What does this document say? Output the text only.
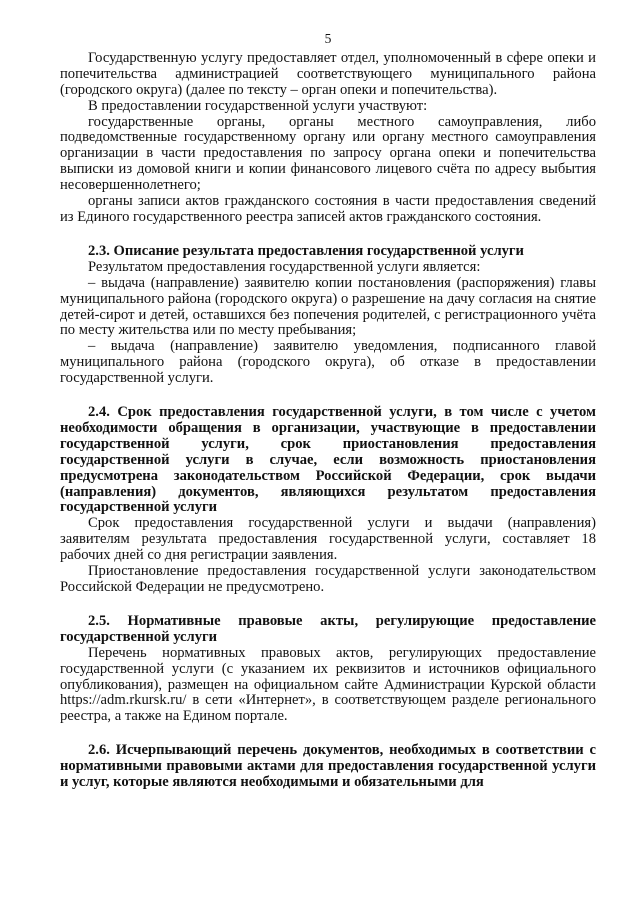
5

Государственную услугу предоставляет отдел, уполномоченный в сфере опеки и попечительства администрацией соответствующего муниципального района (городского округа) (далее по тексту – орган опеки и попечительства).

В предоставлении государственной услуги участвуют:

государственные органы, органы местного самоуправления, либо подведомственные государственному органу или органу местного самоуправления организации в части предоставления по запросу органа опеки и попечительства выписки из домовой книги и копии финансового лицевого счёта по адресу выбытия несовершеннолетнего;

органы записи актов гражданского состояния в части предоставления сведений из Единого государственного реестра записей актов гражданского состояния.

2.3. Описание результата предоставления государственной услуги

Результатом предоставления государственной услуги является:

– выдача (направление) заявителю копии постановления (распоряжения) главы муниципального района (городского округа) о разрешение на дачу согласия на снятие детей-сирот и детей, оставшихся без попечения родителей, с регистрационного учёта по месту жительства или по месту пребывания;

– выдача (направление) заявителю уведомления, подписанного главой муниципального района (городского округа), об отказе в предоставлении государственной услуги.

2.4. Срок предоставления государственной услуги, в том числе с учетом необходимости обращения в организации, участвующие в предоставлении государственной услуги, срок приостановления предоставления государственной услуги в случае, если возможность приостановления предусмотрена законодательством Российской Федерации, срок выдачи (направления) документов, являющихся результатом предоставления государственной услуги

Срок предоставления государственной услуги и выдачи (направления) заявителям результата предоставления государственной услуги, составляет 18 рабочих дней со дня регистрации заявления.

Приостановление предоставления государственной услуги законодательством Российской Федерации не предусмотрено.

2.5. Нормативные правовые акты, регулирующие предоставление государственной услуги

Перечень нормативных правовых актов, регулирующих предоставление государственной услуги (с указанием их реквизитов и источников официального опубликования), размещен на официальном сайте Администрации Курской области https://adm.rkursk.ru/ в сети «Интернет», в соответствующем разделе регионального реестра, а также на Едином портале.

2.6. Исчерпывающий перечень документов, необходимых в соответствии с нормативными правовыми актами для предоставления государственной услуги и услуг, которые являются необходимыми и обязательными для
